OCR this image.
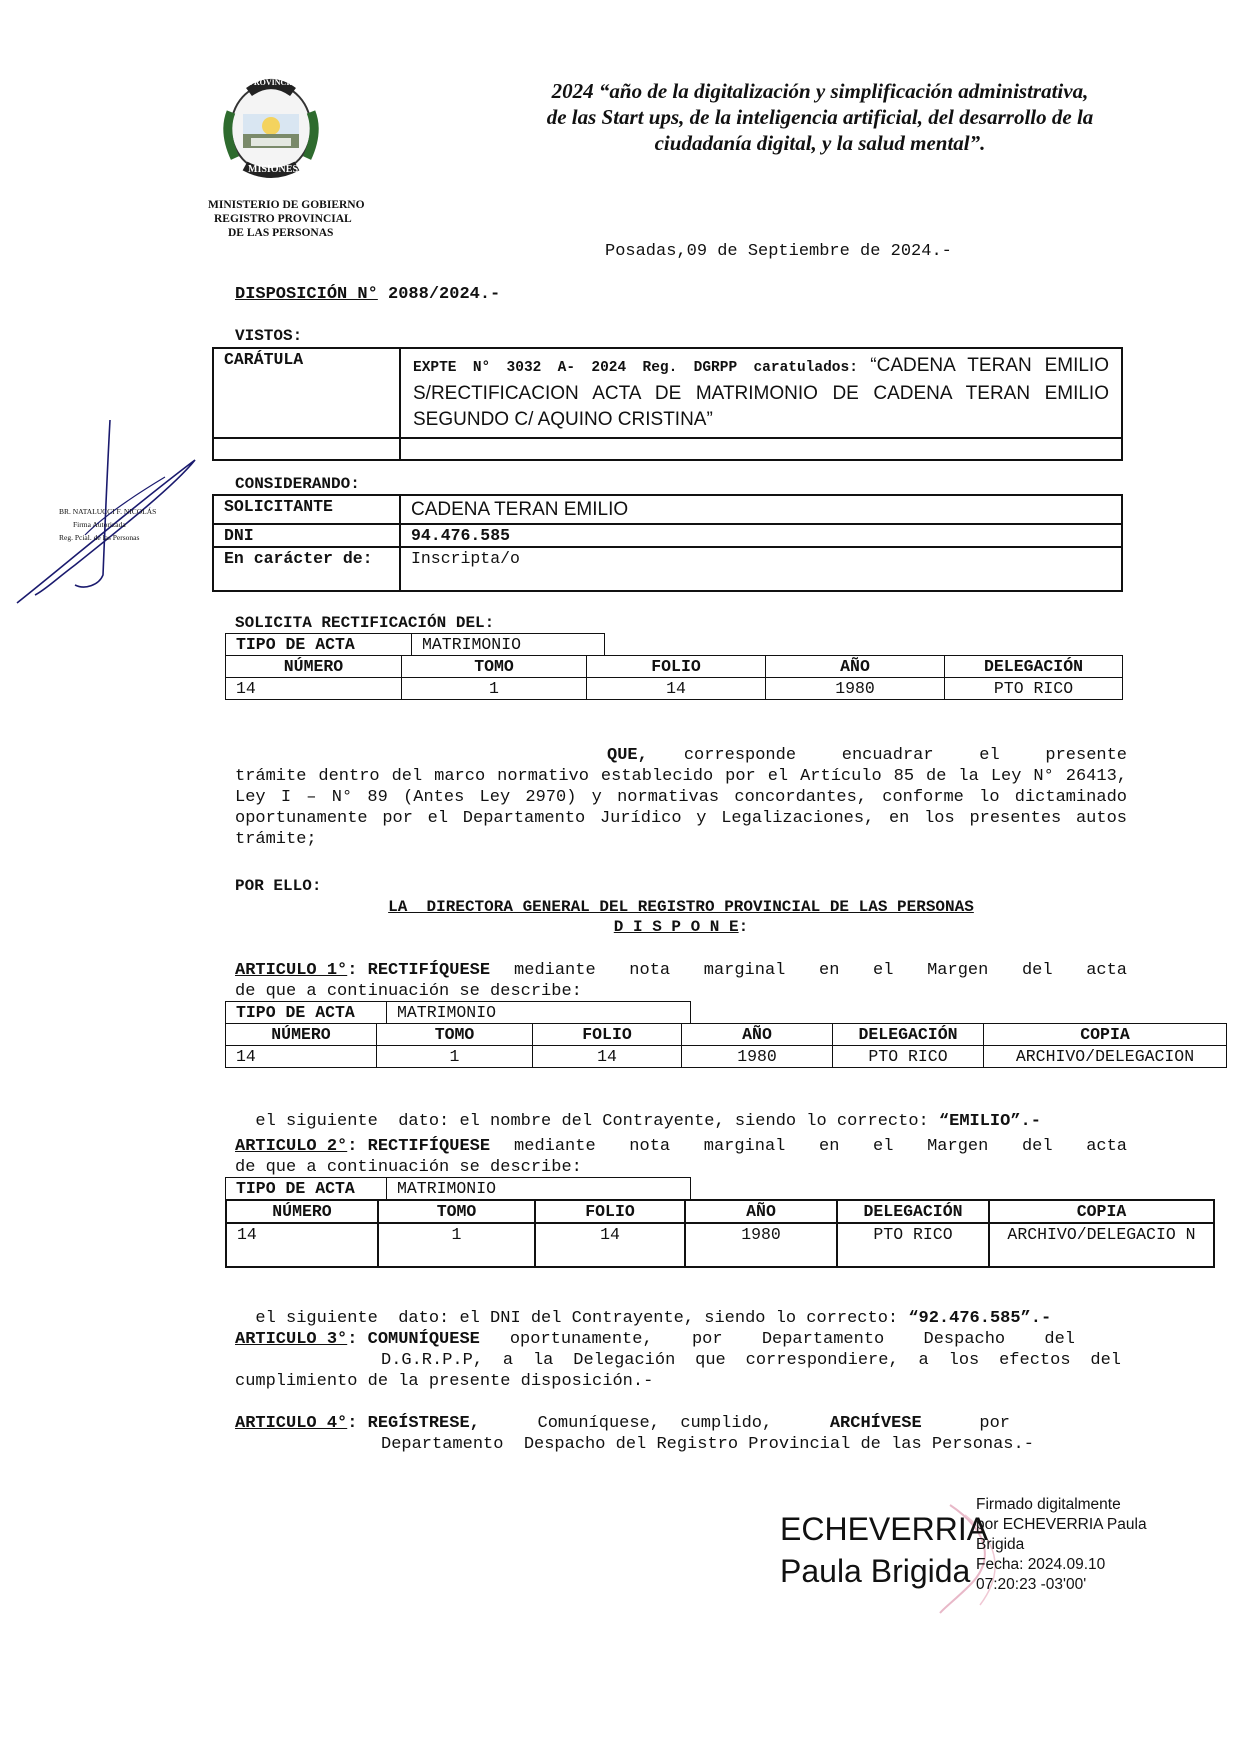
PROVINCIA DE
MISIONES
MINISTERIO DE GOBIERNO
REGISTRO PROVINCIAL
DE LAS PERSONAS
2024 “año de la digitalización y simplificación administrativa,
de las Start ups, de la inteligencia artificial, del desarrollo de la
ciudadanía digital, y la salud mental”.
Posadas,09 de Septiembre de 2024.-
DISPOSICIÓN N° 2088/2024.-
VISTOS:
CARÁTULA	EXPTE N° 3032 A- 2024 Reg. DGRPP caratulados: “CADENA TERAN EMILIO S/RECTIFICACION ACTA DE MATRIMONIO DE CADENA TERAN EMILIO SEGUNDO C/ AQUINO CRISTINA”

CONSIDERANDO:
SOLICITANTE	CADENA TERAN EMILIO
DNI	94.476.585
En carácter de:	Inscripta/o
BR. NATALUCCI F. NICOLÁS
Firma Autorizada
Reg. Pcial. de las Personas
SOLICITA RECTIFICACIÓN DEL:
TIPO DE ACTA	MATRIMONIO
NÚMERO	TOMO	FOLIO	AÑO	DELEGACIÓN
14	1	14	1980	PTO RICO
QUE, corresponde encuadrar el presente
trámite dentro del marco normativo establecido por el Artículo 85 de la Ley N° 26413, Ley I – N° 89 (Antes Ley 2970) y normativas concordantes, conforme lo dictaminado oportunamente por el Departamento Jurídico y Legalizaciones, en los presentes autos trámite;
POR ELLO:
LA  DIRECTORA GENERAL DEL REGISTRO PROVINCIAL DE LAS PERSONAS
D I S P O N E:
ARTICULO 1° : RECTIFÍQUESE mediante nota marginal en el Margen del acta
de que a continuación se describe:
TIPO DE ACTA	MATRIMONIO
NÚMERO	TOMO	FOLIO	AÑO	DELEGACIÓN	COPIA
14	1	14	1980	PTO RICO	ARCHIVO/DELEGACION

el siguiente  dato: el nombre del Contrayente, siendo lo correcto: “EMILIO”.-

ARTICULO 2° : RECTIFÍQUESE mediante nota marginal en el Margen del acta
de que a continuación se describe:
TIPO DE ACTA	MATRIMONIO
NÚMERO	TOMO	FOLIO	AÑO	DELEGACIÓN	COPIA
14	1	14	1980	PTO RICO	ARCHIVO/DELEGACIO N

el siguiente  dato: el DNI del Contrayente, siendo lo correcto: “92.476.585”.-

ARTICULO 3° : COMUNÍQUESE oportunamente, por Departamento Despacho del
D.G.R.P.P, a la Delegación que correspondiere, a los efectos del
cumplimiento de la presente disposición.-
ARTICULO 4°: REGÍSTRESE,	Comuníquese,  cumplido,	ARCHÍVESE	por
Departamento  Despacho del Registro Provincial de las Personas.-
ECHEVERRIA
Paula Brigida
Firmado digitalmente
por ECHEVERRIA Paula
Brigida
Fecha: 2024.09.10
07:20:23 -03'00'
